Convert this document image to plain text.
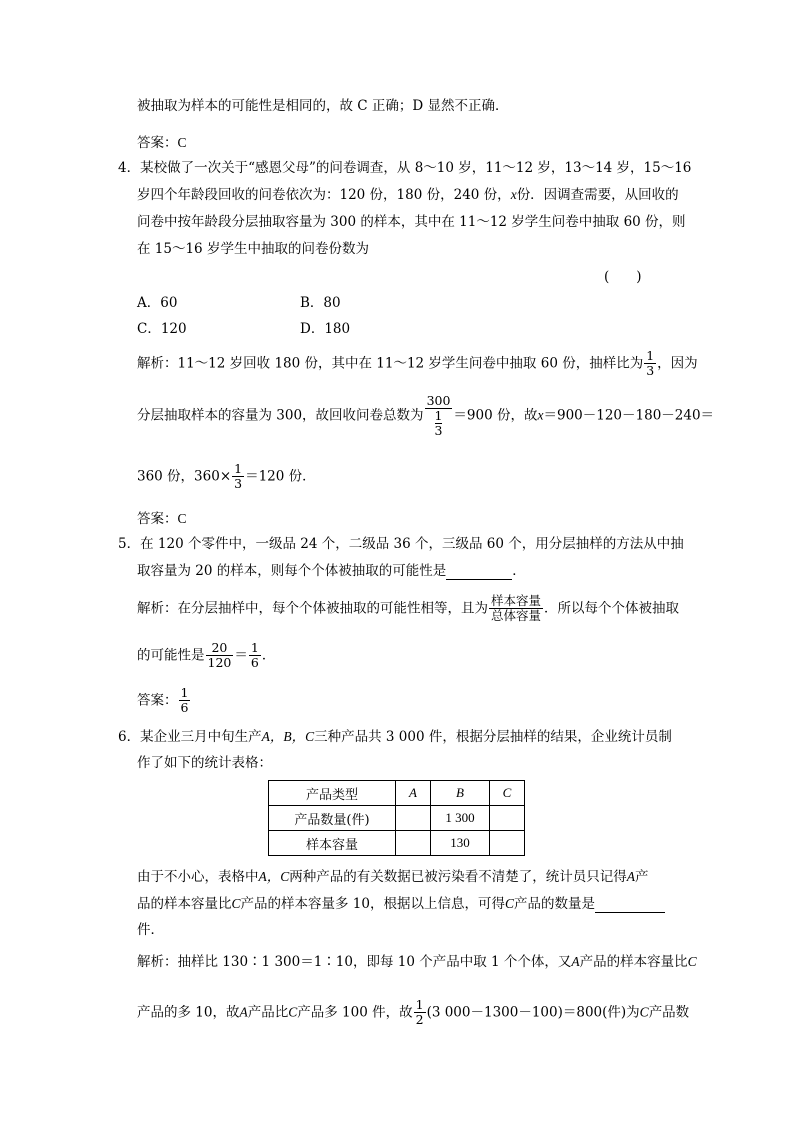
被抽取为样本的可能性是相同的，故 C 正确；D 显然不正确．
答案：C
4．某校做了一次关于“感恩父母”的问卷调查，从 8～10 岁，11～12 岁，13～14 岁，15～16
岁四个年龄段回收的问卷依次为：120 份，180 份，240 份，x份．因调查需要，从回收的
问卷中按年龄段分层抽取容量为 300 的样本，其中在 11～12 岁学生问卷中抽取 60 份，则
在 15～16 岁学生中抽取的问卷份数为
(　　)
A．60	B．80
C．120	D．180
解析：11～12 岁回收 180 份，其中在 11～12 岁学生问卷中抽取 60 份，抽样比为 $\frac{1}{3}$ ，因为
分层抽取样本的容量为 300，故回收问卷总数为
300
1
3
＝900 份，故x＝900－120－180－240＝
360 份，$360\times \frac{1}{3} =120$ 份．
答案：C
5．在 120 个零件中，一级品 24 个，二级品 36 个，三级品 60 个，用分层抽样的方法从中抽
取容量为 20 的样本，则每个个体被抽取的可能性是	．
解析：在分层抽样中，每个个体被抽取的可能性相等，且为 $\frac{\text{样本容量}}{\text{总体容量}}$ ．所以每个个体被抽取
的可能性是 $\frac{20}{120} = \frac{1}{6}$ ．
答案： $\frac{1}{6}$
6．某企业三月中旬生产A，B，C三种产品共 3 000 件，根据分层抽样的结果，企业统计员制
作了如下的统计表格：
产品类型	A	B	C
产品数量(件)		1 300	
样本容量		130	
由于不小心，表格中A，C两种产品的有关数据已被污染看不清楚了，统计员只记得A产
品的样本容量比C产品的样本容量多 10，根据以上信息，可得C产品的数量是
件．
解析：抽样比 130∶1 300＝1∶10，即每 10 个产品中取 1 个个体，又A产品的样本容量比C
产品的多 10，故A产品比C产品多 100 件，故 $\frac{1}{2} (3$ 000－1300－100)＝800(件)为C产品数
